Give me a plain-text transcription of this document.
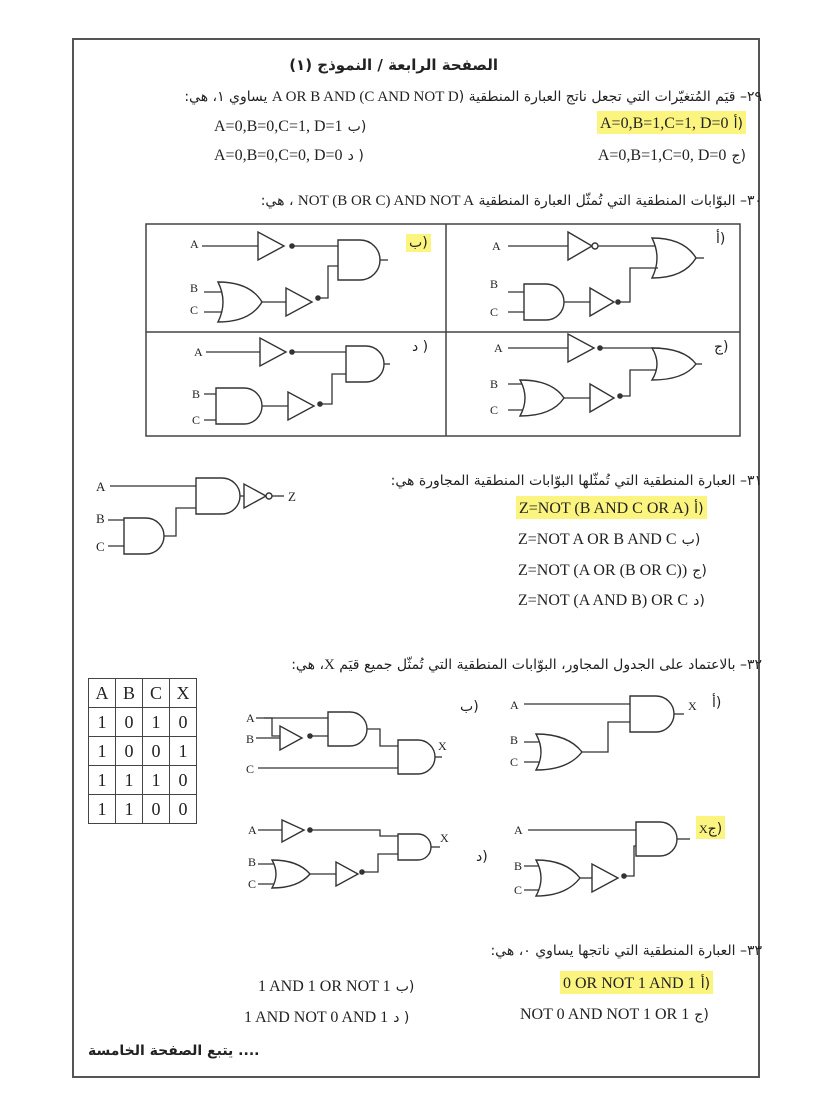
الصفحة الرابعة / النموذج (١)
٢٩– قيَم المُتغيّرات التي تجعل ناتج العبارة المنطقية (A OR B AND (C AND NOT D يساوي ١، هي:
A=0,B=1,C=1, D=0 أ)
A=0,B=0,C=1, D=1 ب)
A=0,B=1,C=0, D=0 ج)
A=0,B=0,C=0, D=0 د )
٣٠– البوّابات المنطقية التي تُمثّل العبارة المنطقية NOT (B OR C) AND NOT A ، هي:
A
B
C
ب)	A
B
C
أ)
A
B
C
د )	A
B
C
ج)
A
B
C
Z
٣١– العبارة المنطقية التي تُمثّلها البوّابات المنطقية المجاورة هي:
Z=NOT (B AND C OR A) أ)
Z=NOT A OR B AND C ب)
Z=NOT (A OR (B OR C)) ج)
Z=NOT (A AND B) OR C د)
٣٢– بالاعتماد على الجدول المجاور، البوّابات المنطقية التي تُمثّل جميع قيَم X، هي:
A	B	C	X
1	0	1	0
1	0	0	1
1	1	1	0
1	1	0	0
A
B
C
X
ب)	A
B
C
X أ)
A
B
C
X
د)
A
B
C
Xج)
٣٣– العبارة المنطقية التي ناتجها يساوي ٠، هي:
0 OR NOT 1 AND 1 أ)
1 AND 1 OR NOT 1 ب)
NOT 0 AND NOT 1 OR 1 ج)
1 AND NOT 0 AND 1 د )
يتبع الصفحة الخامسة ....
